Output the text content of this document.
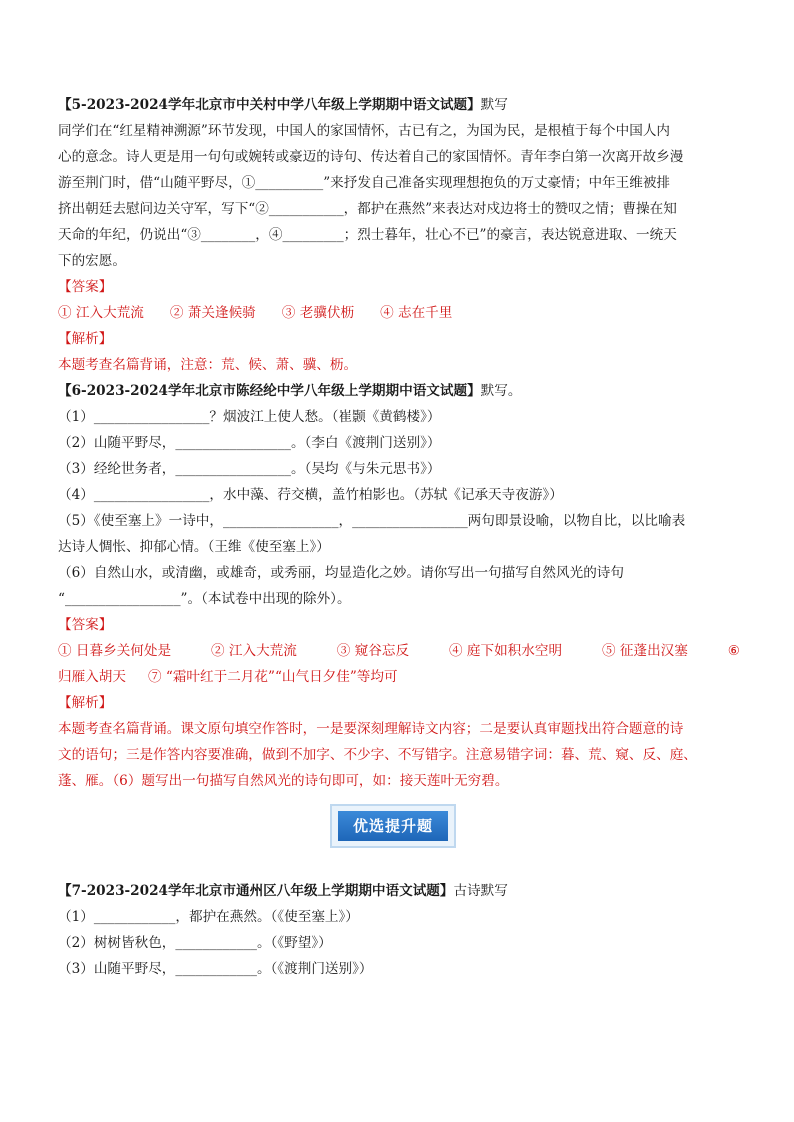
【5-2023-2024学年北京市中关村中学八年级上学期期中语文试题】默写
同学们在“红星精神溯源”环节发现，中国人的家国情怀，古已有之，为国为民，是根植于每个中国人内
心的意念。诗人更是用一句句或婉转或豪迈的诗句、传达着自己的家国情怀。青年李白第一次离开故乡漫
游至荆门时，借“山随平野尽，①__________”来抒发自己准备实现理想抱负的万丈豪情；中年王维被排
挤出朝廷去慰问边关守军，写下“②___________，都护在燕然”来表达对戍边将士的赞叹之情；曹操在知
天命的年纪，仍说出“③________，④_________；烈士暮年，壮心不已”的豪言，表达锐意进取、一统天
下的宏愿。
【答案】
① 江入大荒流 ② 萧关逢候骑 ③ 老骥伏枥 ④ 志在千里
【解析】
本题考查名篇背诵，注意：荒、候、萧、骥、枥。
【6-2023-2024学年北京市陈经纶中学八年级上学期期中语文试题】默写。
（1）_________________？烟波江上使人愁。（崔颢《黄鹤楼》）
（2）山随平野尽，_________________。（李白《渡荆门送别》）
（3）经纶世务者，_________________。（吴均《与朱元思书》）
（4）_________________，水中藻、荇交横，盖竹柏影也。（苏轼《记承天寺夜游》）
（5）《使至塞上》一诗中，_________________，_________________两句即景设喻，以物自比，以比喻表
达诗人惆怅、抑郁心情。（王维《使至塞上》）
（6）自然山水，或清幽，或雄奇，或秀丽，均显造化之妙。请你写出一句描写自然风光的诗句
“_________________”。（本试卷中出现的除外）。
【答案】
① 日暮乡关何处是	② 江入大荒流	③ 窥谷忘反	④ 庭下如积水空明	⑤ 征蓬出汉塞	⑥
归雁入胡天 ⑦ “霜叶红于二月花”“山气日夕佳”等均可
【解析】
本题考查名篇背诵。课文原句填空作答时，一是要深刻理解诗文内容；二是要认真审题找出符合题意的诗
文的语句；三是作答内容要准确，做到不加字、不少字、不写错字。注意易错字词：暮、荒、窥、反、庭、
蓬、雁。（6）题写出一句描写自然风光的诗句即可，如：接天莲叶无穷碧。
优选提升题
【7-2023-2024学年北京市通州区八年级上学期期中语文试题】古诗默写
（1）____________，都护在燕然。（《使至塞上》）
（2）树树皆秋色，____________。（《野望》）
（3）山随平野尽，____________。（《渡荆门送别》）
